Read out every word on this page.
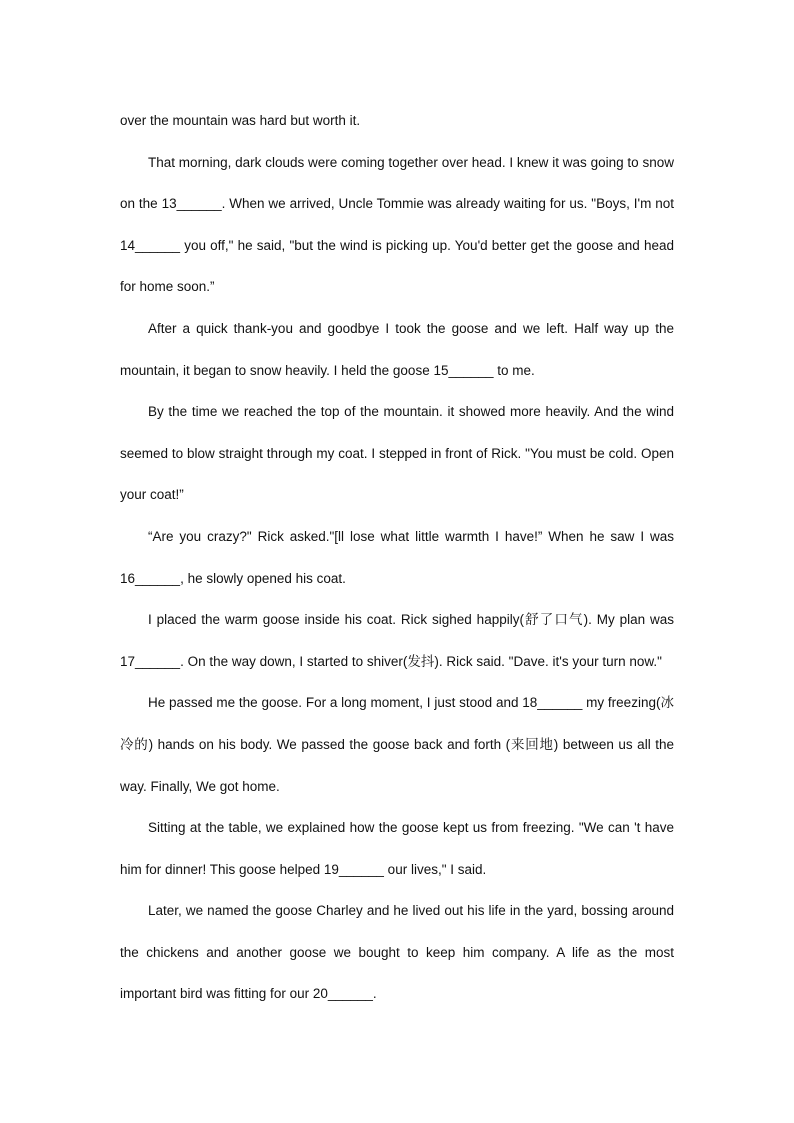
over the mountain was hard but worth it.

That morning, dark clouds were coming together over head. I knew it was going to snow on the 13______. When we arrived, Uncle Tommie was already waiting for us. "Boys, I'm not 14______ you off," he said, "but the wind is picking up. You'd better get the goose and head for home soon.”

After a quick thank-you and goodbye I took the goose and we left. Half way up the mountain, it began to snow heavily. I held the goose 15______ to me.

By the time we reached the top of the mountain. it showed more heavily. And the wind seemed to blow straight through my coat. I stepped in front of Rick. "You must be cold. Open your coat!”

“Are you crazy?" Rick asked."[ll lose what little warmth I have!” When he saw I was 16______, he slowly opened his coat.

I placed the warm goose inside his coat. Rick sighed happily(舒了口气). My plan was 17______. On the way down, I started to shiver(发抖). Rick said. "Dave. it's your turn now."

He passed me the goose. For a long moment, I just stood and 18______ my freezing(冰冷的) hands on his body. We passed the goose back and forth (来回地) between us all the way. Finally, We got home.

Sitting at the table, we explained how the goose kept us from freezing. "We can 't have him for dinner! This goose helped 19______ our lives," I said.

Later, we named the goose Charley and he lived out his life in the yard, bossing around the chickens and another goose we bought to keep him company. A life as the most important bird was fitting for our 20______.
